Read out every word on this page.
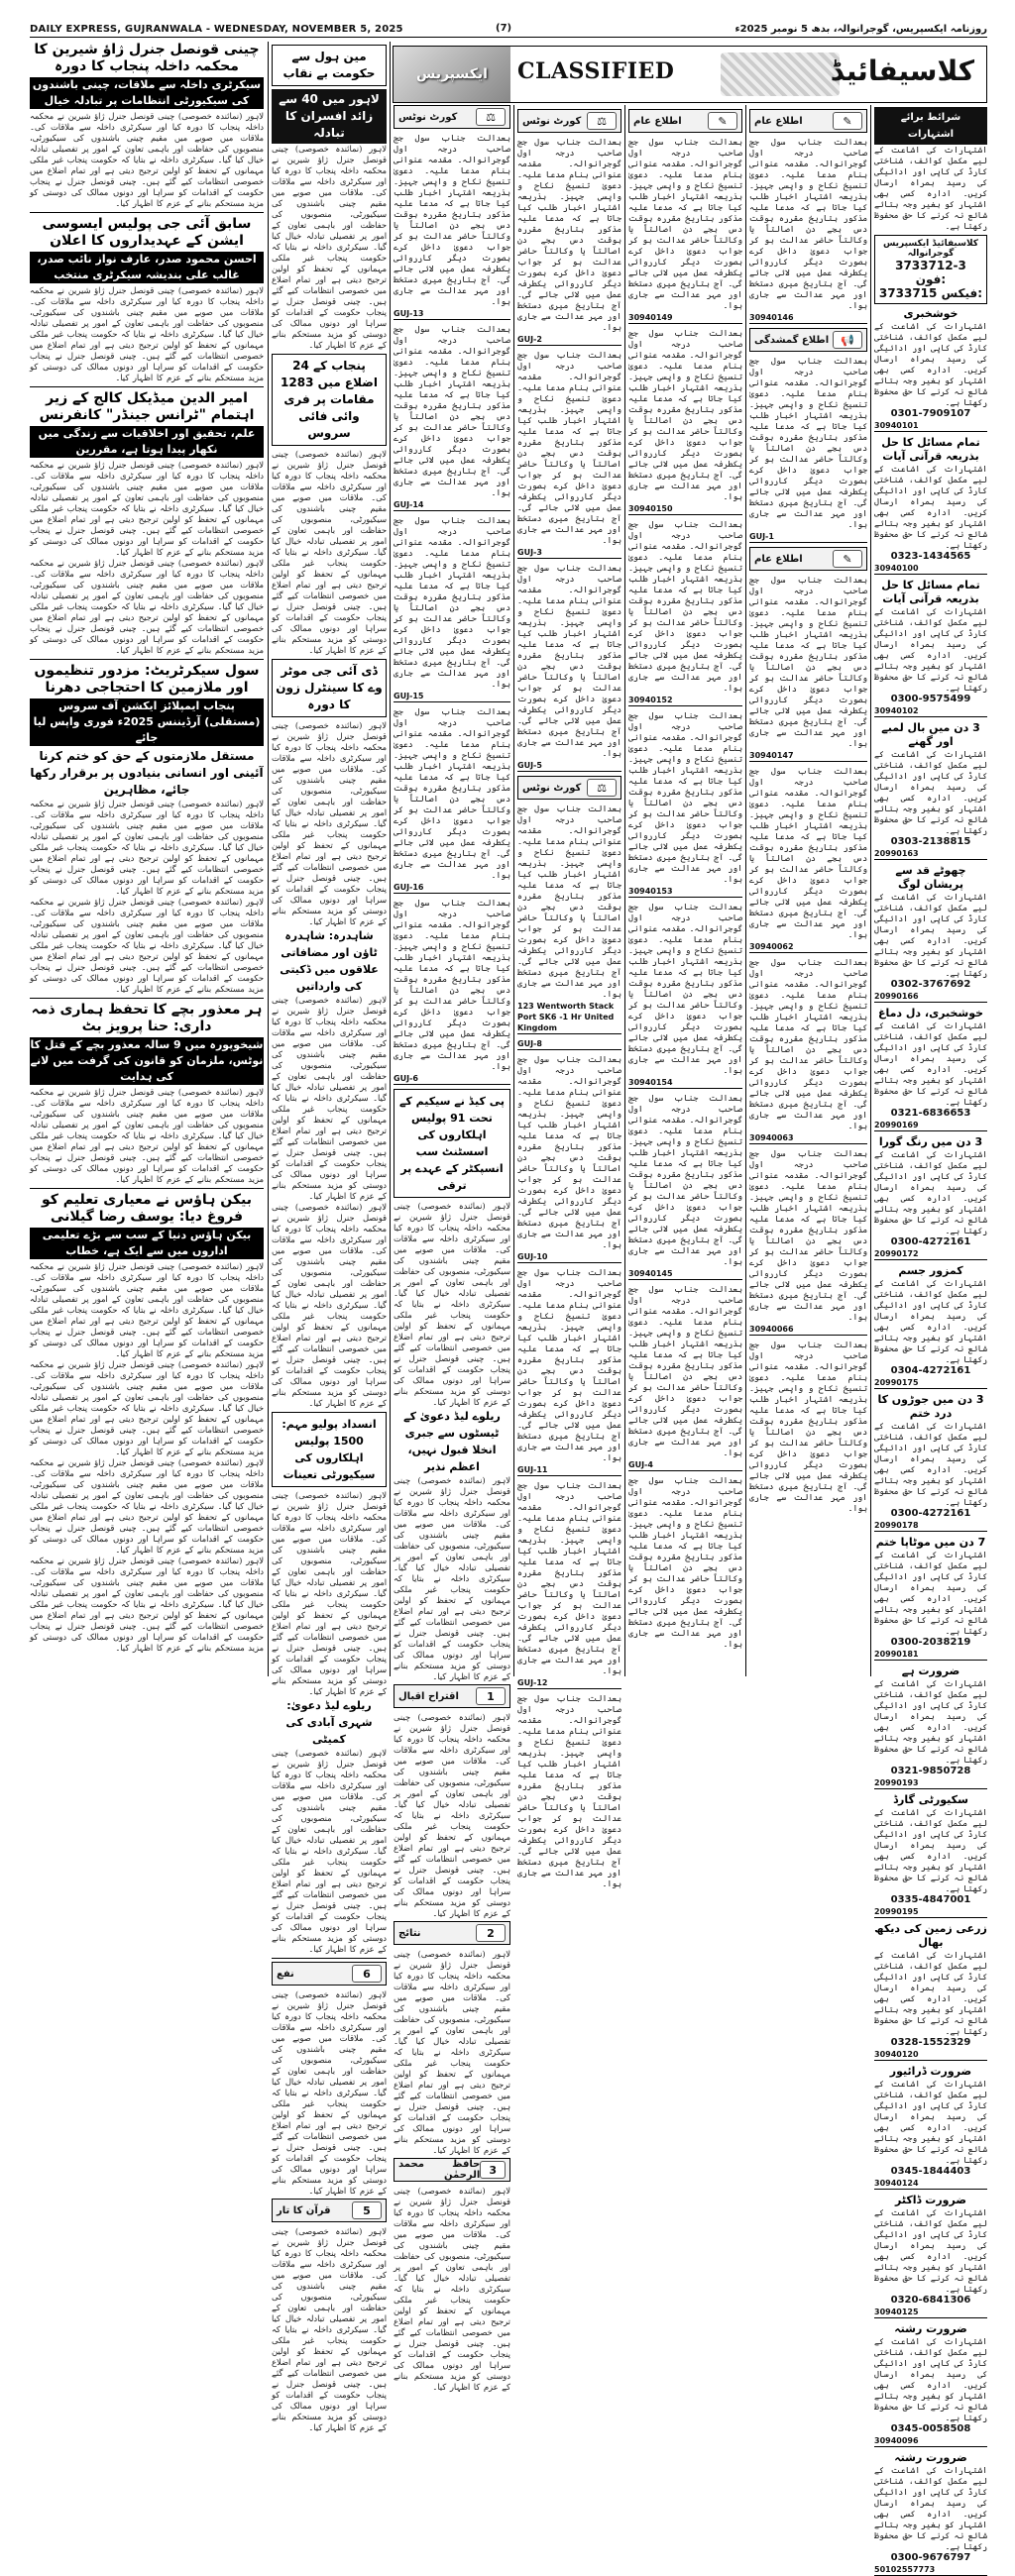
DAILY EXPRESS, GUJRANWALA - WEDNESDAY, NOVEMBER 5, 2025	(7)	روزنامہ ایکسپریس، گوجرانوالہ، بدھ 5 نومبر 2025ء
ایکسپریس	CLASSIFIED	کلاسیفائیڈ
چینی قونصل جنرل ژاؤ شیرین کا محکمہ داخلہ پنجاب کا دورہ
سیکرٹری داخلہ سے ملاقات، چینی باشندوں کی سیکیورٹی انتظامات پر تبادلہ خیال
لاہور (نمائندہ خصوصی) چینی قونصل جنرل ژاؤ شیرین نے محکمہ داخلہ پنجاب کا دورہ کیا اور سیکرٹری داخلہ سے ملاقات کی۔ ملاقات میں صوبے میں مقیم چینی باشندوں کی سیکیورٹی، منصوبوں کی حفاظت اور باہمی تعاون کے امور پر تفصیلی تبادلہ خیال کیا گیا۔ سیکرٹری داخلہ نے بتایا کہ حکومت پنجاب غیر ملکی مہمانوں کے تحفظ کو اولین ترجیح دیتی ہے اور تمام اضلاع میں خصوصی انتظامات کیے گئے ہیں۔ چینی قونصل جنرل نے پنجاب حکومت کے اقدامات کو سراہا اور دونوں ممالک کی دوستی کو مزید مستحکم بنانے کے عزم کا اظہار کیا۔
سابق آئی جی پولیس ایسوسی ایشن کے عہدیداروں کا اعلان
احسن محمود صدر، عارف نواز نائب صدر، غالب علی بندیشہ سیکرٹری منتخب
لاہور (نمائندہ خصوصی) چینی قونصل جنرل ژاؤ شیرین نے محکمہ داخلہ پنجاب کا دورہ کیا اور سیکرٹری داخلہ سے ملاقات کی۔ ملاقات میں صوبے میں مقیم چینی باشندوں کی سیکیورٹی، منصوبوں کی حفاظت اور باہمی تعاون کے امور پر تفصیلی تبادلہ خیال کیا گیا۔ سیکرٹری داخلہ نے بتایا کہ حکومت پنجاب غیر ملکی مہمانوں کے تحفظ کو اولین ترجیح دیتی ہے اور تمام اضلاع میں خصوصی انتظامات کیے گئے ہیں۔ چینی قونصل جنرل نے پنجاب حکومت کے اقدامات کو سراہا اور دونوں ممالک کی دوستی کو مزید مستحکم بنانے کے عزم کا اظہار کیا۔
امیر الدین میڈیکل کالج کے زیر اہتمام "ٹرانس جینڈر" کانفرنس
علم، تحقیق اور اخلاقیات سے زندگی میں نکھار پیدا ہوتا ہے، مقررین
لاہور (نمائندہ خصوصی) چینی قونصل جنرل ژاؤ شیرین نے محکمہ داخلہ پنجاب کا دورہ کیا اور سیکرٹری داخلہ سے ملاقات کی۔ ملاقات میں صوبے میں مقیم چینی باشندوں کی سیکیورٹی، منصوبوں کی حفاظت اور باہمی تعاون کے امور پر تفصیلی تبادلہ خیال کیا گیا۔ سیکرٹری داخلہ نے بتایا کہ حکومت پنجاب غیر ملکی مہمانوں کے تحفظ کو اولین ترجیح دیتی ہے اور تمام اضلاع میں خصوصی انتظامات کیے گئے ہیں۔ چینی قونصل جنرل نے پنجاب حکومت کے اقدامات کو سراہا اور دونوں ممالک کی دوستی کو مزید مستحکم بنانے کے عزم کا اظہار کیا۔
لاہور (نمائندہ خصوصی) چینی قونصل جنرل ژاؤ شیرین نے محکمہ داخلہ پنجاب کا دورہ کیا اور سیکرٹری داخلہ سے ملاقات کی۔ ملاقات میں صوبے میں مقیم چینی باشندوں کی سیکیورٹی، منصوبوں کی حفاظت اور باہمی تعاون کے امور پر تفصیلی تبادلہ خیال کیا گیا۔ سیکرٹری داخلہ نے بتایا کہ حکومت پنجاب غیر ملکی مہمانوں کے تحفظ کو اولین ترجیح دیتی ہے اور تمام اضلاع میں خصوصی انتظامات کیے گئے ہیں۔ چینی قونصل جنرل نے پنجاب حکومت کے اقدامات کو سراہا اور دونوں ممالک کی دوستی کو مزید مستحکم بنانے کے عزم کا اظہار کیا۔
سول سیکرٹریٹ: مزدور تنظیموں اور ملازمین کا احتجاجی دھرنا
پنجاب ایمپلائز ایکشن آف سروس (مستقلی) آرڈیننس 2025ء فوری واپس لیا جائے
مستقل ملازمتوں کے حق کو ختم کرنا آئینی اور انسانی بنیادوں پر برقرار رکھا جائے، مظاہرین
لاہور (نمائندہ خصوصی) چینی قونصل جنرل ژاؤ شیرین نے محکمہ داخلہ پنجاب کا دورہ کیا اور سیکرٹری داخلہ سے ملاقات کی۔ ملاقات میں صوبے میں مقیم چینی باشندوں کی سیکیورٹی، منصوبوں کی حفاظت اور باہمی تعاون کے امور پر تفصیلی تبادلہ خیال کیا گیا۔ سیکرٹری داخلہ نے بتایا کہ حکومت پنجاب غیر ملکی مہمانوں کے تحفظ کو اولین ترجیح دیتی ہے اور تمام اضلاع میں خصوصی انتظامات کیے گئے ہیں۔ چینی قونصل جنرل نے پنجاب حکومت کے اقدامات کو سراہا اور دونوں ممالک کی دوستی کو مزید مستحکم بنانے کے عزم کا اظہار کیا۔
لاہور (نمائندہ خصوصی) چینی قونصل جنرل ژاؤ شیرین نے محکمہ داخلہ پنجاب کا دورہ کیا اور سیکرٹری داخلہ سے ملاقات کی۔ ملاقات میں صوبے میں مقیم چینی باشندوں کی سیکیورٹی، منصوبوں کی حفاظت اور باہمی تعاون کے امور پر تفصیلی تبادلہ خیال کیا گیا۔ سیکرٹری داخلہ نے بتایا کہ حکومت پنجاب غیر ملکی مہمانوں کے تحفظ کو اولین ترجیح دیتی ہے اور تمام اضلاع میں خصوصی انتظامات کیے گئے ہیں۔ چینی قونصل جنرل نے پنجاب حکومت کے اقدامات کو سراہا اور دونوں ممالک کی دوستی کو مزید مستحکم بنانے کے عزم کا اظہار کیا۔
ہر معذور بچے کا تحفظ ہماری ذمہ داری: حنا پرویز بٹ
شیخوپورہ میں 9 سالہ معذور بچے کے قتل کا نوٹس، ملزمان کو قانون کی گرفت میں لانے کی ہدایت
لاہور (نمائندہ خصوصی) چینی قونصل جنرل ژاؤ شیرین نے محکمہ داخلہ پنجاب کا دورہ کیا اور سیکرٹری داخلہ سے ملاقات کی۔ ملاقات میں صوبے میں مقیم چینی باشندوں کی سیکیورٹی، منصوبوں کی حفاظت اور باہمی تعاون کے امور پر تفصیلی تبادلہ خیال کیا گیا۔ سیکرٹری داخلہ نے بتایا کہ حکومت پنجاب غیر ملکی مہمانوں کے تحفظ کو اولین ترجیح دیتی ہے اور تمام اضلاع میں خصوصی انتظامات کیے گئے ہیں۔ چینی قونصل جنرل نے پنجاب حکومت کے اقدامات کو سراہا اور دونوں ممالک کی دوستی کو مزید مستحکم بنانے کے عزم کا اظہار کیا۔
بیکن ہاؤس نے معیاری تعلیم کو فروغ دیا: یوسف رضا گیلانی
بیکن ہاؤس دنیا کے سب سے بڑے تعلیمی اداروں میں سے ایک ہے، خطاب
لاہور (نمائندہ خصوصی) چینی قونصل جنرل ژاؤ شیرین نے محکمہ داخلہ پنجاب کا دورہ کیا اور سیکرٹری داخلہ سے ملاقات کی۔ ملاقات میں صوبے میں مقیم چینی باشندوں کی سیکیورٹی، منصوبوں کی حفاظت اور باہمی تعاون کے امور پر تفصیلی تبادلہ خیال کیا گیا۔ سیکرٹری داخلہ نے بتایا کہ حکومت پنجاب غیر ملکی مہمانوں کے تحفظ کو اولین ترجیح دیتی ہے اور تمام اضلاع میں خصوصی انتظامات کیے گئے ہیں۔ چینی قونصل جنرل نے پنجاب حکومت کے اقدامات کو سراہا اور دونوں ممالک کی دوستی کو مزید مستحکم بنانے کے عزم کا اظہار کیا۔
لاہور (نمائندہ خصوصی) چینی قونصل جنرل ژاؤ شیرین نے محکمہ داخلہ پنجاب کا دورہ کیا اور سیکرٹری داخلہ سے ملاقات کی۔ ملاقات میں صوبے میں مقیم چینی باشندوں کی سیکیورٹی، منصوبوں کی حفاظت اور باہمی تعاون کے امور پر تفصیلی تبادلہ خیال کیا گیا۔ سیکرٹری داخلہ نے بتایا کہ حکومت پنجاب غیر ملکی مہمانوں کے تحفظ کو اولین ترجیح دیتی ہے اور تمام اضلاع میں خصوصی انتظامات کیے گئے ہیں۔ چینی قونصل جنرل نے پنجاب حکومت کے اقدامات کو سراہا اور دونوں ممالک کی دوستی کو مزید مستحکم بنانے کے عزم کا اظہار کیا۔
لاہور (نمائندہ خصوصی) چینی قونصل جنرل ژاؤ شیرین نے محکمہ داخلہ پنجاب کا دورہ کیا اور سیکرٹری داخلہ سے ملاقات کی۔ ملاقات میں صوبے میں مقیم چینی باشندوں کی سیکیورٹی، منصوبوں کی حفاظت اور باہمی تعاون کے امور پر تفصیلی تبادلہ خیال کیا گیا۔ سیکرٹری داخلہ نے بتایا کہ حکومت پنجاب غیر ملکی مہمانوں کے تحفظ کو اولین ترجیح دیتی ہے اور تمام اضلاع میں خصوصی انتظامات کیے گئے ہیں۔ چینی قونصل جنرل نے پنجاب حکومت کے اقدامات کو سراہا اور دونوں ممالک کی دوستی کو مزید مستحکم بنانے کے عزم کا اظہار کیا۔
لاہور (نمائندہ خصوصی) چینی قونصل جنرل ژاؤ شیرین نے محکمہ داخلہ پنجاب کا دورہ کیا اور سیکرٹری داخلہ سے ملاقات کی۔ ملاقات میں صوبے میں مقیم چینی باشندوں کی سیکیورٹی، منصوبوں کی حفاظت اور باہمی تعاون کے امور پر تفصیلی تبادلہ خیال کیا گیا۔ سیکرٹری داخلہ نے بتایا کہ حکومت پنجاب غیر ملکی مہمانوں کے تحفظ کو اولین ترجیح دیتی ہے اور تمام اضلاع میں خصوصی انتظامات کیے گئے ہیں۔ چینی قونصل جنرل نے پنجاب حکومت کے اقدامات کو سراہا اور دونوں ممالک کی دوستی کو مزید مستحکم بنانے کے عزم کا اظہار کیا۔
مین ہول سے حکومت بے نقاب
لاہور میں 40 سے زائد افسران کا تبادلہ
لاہور (نمائندہ خصوصی) چینی قونصل جنرل ژاؤ شیرین نے محکمہ داخلہ پنجاب کا دورہ کیا اور سیکرٹری داخلہ سے ملاقات کی۔ ملاقات میں صوبے میں مقیم چینی باشندوں کی سیکیورٹی، منصوبوں کی حفاظت اور باہمی تعاون کے امور پر تفصیلی تبادلہ خیال کیا گیا۔ سیکرٹری داخلہ نے بتایا کہ حکومت پنجاب غیر ملکی مہمانوں کے تحفظ کو اولین ترجیح دیتی ہے اور تمام اضلاع میں خصوصی انتظامات کیے گئے ہیں۔ چینی قونصل جنرل نے پنجاب حکومت کے اقدامات کو سراہا اور دونوں ممالک کی دوستی کو مزید مستحکم بنانے کے عزم کا اظہار کیا۔
پنجاب کے 24 اضلاع میں 1283 مقامات پر فری وائی فائی سروس
لاہور (نمائندہ خصوصی) چینی قونصل جنرل ژاؤ شیرین نے محکمہ داخلہ پنجاب کا دورہ کیا اور سیکرٹری داخلہ سے ملاقات کی۔ ملاقات میں صوبے میں مقیم چینی باشندوں کی سیکیورٹی، منصوبوں کی حفاظت اور باہمی تعاون کے امور پر تفصیلی تبادلہ خیال کیا گیا۔ سیکرٹری داخلہ نے بتایا کہ حکومت پنجاب غیر ملکی مہمانوں کے تحفظ کو اولین ترجیح دیتی ہے اور تمام اضلاع میں خصوصی انتظامات کیے گئے ہیں۔ چینی قونصل جنرل نے پنجاب حکومت کے اقدامات کو سراہا اور دونوں ممالک کی دوستی کو مزید مستحکم بنانے کے عزم کا اظہار کیا۔
ڈی آئی جی موٹر وے کا سینٹرل زون کا دورہ
لاہور (نمائندہ خصوصی) چینی قونصل جنرل ژاؤ شیرین نے محکمہ داخلہ پنجاب کا دورہ کیا اور سیکرٹری داخلہ سے ملاقات کی۔ ملاقات میں صوبے میں مقیم چینی باشندوں کی سیکیورٹی، منصوبوں کی حفاظت اور باہمی تعاون کے امور پر تفصیلی تبادلہ خیال کیا گیا۔ سیکرٹری داخلہ نے بتایا کہ حکومت پنجاب غیر ملکی مہمانوں کے تحفظ کو اولین ترجیح دیتی ہے اور تمام اضلاع میں خصوصی انتظامات کیے گئے ہیں۔ چینی قونصل جنرل نے پنجاب حکومت کے اقدامات کو سراہا اور دونوں ممالک کی دوستی کو مزید مستحکم بنانے کے عزم کا اظہار کیا۔
شاہدرہ: شاہدرہ ٹاؤن اور مضافاتی علاقوں میں ڈکیتی کی وارداتیں
لاہور (نمائندہ خصوصی) چینی قونصل جنرل ژاؤ شیرین نے محکمہ داخلہ پنجاب کا دورہ کیا اور سیکرٹری داخلہ سے ملاقات کی۔ ملاقات میں صوبے میں مقیم چینی باشندوں کی سیکیورٹی، منصوبوں کی حفاظت اور باہمی تعاون کے امور پر تفصیلی تبادلہ خیال کیا گیا۔ سیکرٹری داخلہ نے بتایا کہ حکومت پنجاب غیر ملکی مہمانوں کے تحفظ کو اولین ترجیح دیتی ہے اور تمام اضلاع میں خصوصی انتظامات کیے گئے ہیں۔ چینی قونصل جنرل نے پنجاب حکومت کے اقدامات کو سراہا اور دونوں ممالک کی دوستی کو مزید مستحکم بنانے کے عزم کا اظہار کیا۔
لاہور (نمائندہ خصوصی) چینی قونصل جنرل ژاؤ شیرین نے محکمہ داخلہ پنجاب کا دورہ کیا اور سیکرٹری داخلہ سے ملاقات کی۔ ملاقات میں صوبے میں مقیم چینی باشندوں کی سیکیورٹی، منصوبوں کی حفاظت اور باہمی تعاون کے امور پر تفصیلی تبادلہ خیال کیا گیا۔ سیکرٹری داخلہ نے بتایا کہ حکومت پنجاب غیر ملکی مہمانوں کے تحفظ کو اولین ترجیح دیتی ہے اور تمام اضلاع میں خصوصی انتظامات کیے گئے ہیں۔ چینی قونصل جنرل نے پنجاب حکومت کے اقدامات کو سراہا اور دونوں ممالک کی دوستی کو مزید مستحکم بنانے کے عزم کا اظہار کیا۔
انسداد پولیو مہم: 1500 پولیس اہلکاروں کی سیکیورٹی تعینات
لاہور (نمائندہ خصوصی) چینی قونصل جنرل ژاؤ شیرین نے محکمہ داخلہ پنجاب کا دورہ کیا اور سیکرٹری داخلہ سے ملاقات کی۔ ملاقات میں صوبے میں مقیم چینی باشندوں کی سیکیورٹی، منصوبوں کی حفاظت اور باہمی تعاون کے امور پر تفصیلی تبادلہ خیال کیا گیا۔ سیکرٹری داخلہ نے بتایا کہ حکومت پنجاب غیر ملکی مہمانوں کے تحفظ کو اولین ترجیح دیتی ہے اور تمام اضلاع میں خصوصی انتظامات کیے گئے ہیں۔ چینی قونصل جنرل نے پنجاب حکومت کے اقدامات کو سراہا اور دونوں ممالک کی دوستی کو مزید مستحکم بنانے کے عزم کا اظہار کیا۔
ریلوے لیڈ دعویٰ: شہری آبادی کی کمیٹی
لاہور (نمائندہ خصوصی) چینی قونصل جنرل ژاؤ شیرین نے محکمہ داخلہ پنجاب کا دورہ کیا اور سیکرٹری داخلہ سے ملاقات کی۔ ملاقات میں صوبے میں مقیم چینی باشندوں کی سیکیورٹی، منصوبوں کی حفاظت اور باہمی تعاون کے امور پر تفصیلی تبادلہ خیال کیا گیا۔ سیکرٹری داخلہ نے بتایا کہ حکومت پنجاب غیر ملکی مہمانوں کے تحفظ کو اولین ترجیح دیتی ہے اور تمام اضلاع میں خصوصی انتظامات کیے گئے ہیں۔ چینی قونصل جنرل نے پنجاب حکومت کے اقدامات کو سراہا اور دونوں ممالک کی دوستی کو مزید مستحکم بنانے کے عزم کا اظہار کیا۔
6
نفع
لاہور (نمائندہ خصوصی) چینی قونصل جنرل ژاؤ شیرین نے محکمہ داخلہ پنجاب کا دورہ کیا اور سیکرٹری داخلہ سے ملاقات کی۔ ملاقات میں صوبے میں مقیم چینی باشندوں کی سیکیورٹی، منصوبوں کی حفاظت اور باہمی تعاون کے امور پر تفصیلی تبادلہ خیال کیا گیا۔ سیکرٹری داخلہ نے بتایا کہ حکومت پنجاب غیر ملکی مہمانوں کے تحفظ کو اولین ترجیح دیتی ہے اور تمام اضلاع میں خصوصی انتظامات کیے گئے ہیں۔ چینی قونصل جنرل نے پنجاب حکومت کے اقدامات کو سراہا اور دونوں ممالک کی دوستی کو مزید مستحکم بنانے کے عزم کا اظہار کیا۔
5
قرآن کا تار
لاہور (نمائندہ خصوصی) چینی قونصل جنرل ژاؤ شیرین نے محکمہ داخلہ پنجاب کا دورہ کیا اور سیکرٹری داخلہ سے ملاقات کی۔ ملاقات میں صوبے میں مقیم چینی باشندوں کی سیکیورٹی، منصوبوں کی حفاظت اور باہمی تعاون کے امور پر تفصیلی تبادلہ خیال کیا گیا۔ سیکرٹری داخلہ نے بتایا کہ حکومت پنجاب غیر ملکی مہمانوں کے تحفظ کو اولین ترجیح دیتی ہے اور تمام اضلاع میں خصوصی انتظامات کیے گئے ہیں۔ چینی قونصل جنرل نے پنجاب حکومت کے اقدامات کو سراہا اور دونوں ممالک کی دوستی کو مزید مستحکم بنانے کے عزم کا اظہار کیا۔
⚖
کورٹ نوٹس
بعدالت جناب سول جج صاحب درجہ اول گوجرانوالہ۔ مقدمہ عنوانی بنام مدعا علیہ۔ دعویٰ تنسیخ نکاح و واپسی جہیز۔ بذریعہ اشتہار اخبار طلب کیا جاتا ہے کہ مدعا علیہ مذکور بتاریخ مقررہ بوقت دس بجے دن اصالتاً یا وکالتاً حاضر عدالت ہو کر جواب دعویٰ داخل کرے بصورت دیگر کارروائی یکطرفہ عمل میں لائی جائے گی۔ آج بتاریخ میری دستخط اور مہر عدالت سے جاری ہوا۔
GUJ-13
بعدالت جناب سول جج صاحب درجہ اول گوجرانوالہ۔ مقدمہ عنوانی بنام مدعا علیہ۔ دعویٰ تنسیخ نکاح و واپسی جہیز۔ بذریعہ اشتہار اخبار طلب کیا جاتا ہے کہ مدعا علیہ مذکور بتاریخ مقررہ بوقت دس بجے دن اصالتاً یا وکالتاً حاضر عدالت ہو کر جواب دعویٰ داخل کرے بصورت دیگر کارروائی یکطرفہ عمل میں لائی جائے گی۔ آج بتاریخ میری دستخط اور مہر عدالت سے جاری ہوا۔
GUJ-14
بعدالت جناب سول جج صاحب درجہ اول گوجرانوالہ۔ مقدمہ عنوانی بنام مدعا علیہ۔ دعویٰ تنسیخ نکاح و واپسی جہیز۔ بذریعہ اشتہار اخبار طلب کیا جاتا ہے کہ مدعا علیہ مذکور بتاریخ مقررہ بوقت دس بجے دن اصالتاً یا وکالتاً حاضر عدالت ہو کر جواب دعویٰ داخل کرے بصورت دیگر کارروائی یکطرفہ عمل میں لائی جائے گی۔ آج بتاریخ میری دستخط اور مہر عدالت سے جاری ہوا۔
GUJ-15
بعدالت جناب سول جج صاحب درجہ اول گوجرانوالہ۔ مقدمہ عنوانی بنام مدعا علیہ۔ دعویٰ تنسیخ نکاح و واپسی جہیز۔ بذریعہ اشتہار اخبار طلب کیا جاتا ہے کہ مدعا علیہ مذکور بتاریخ مقررہ بوقت دس بجے دن اصالتاً یا وکالتاً حاضر عدالت ہو کر جواب دعویٰ داخل کرے بصورت دیگر کارروائی یکطرفہ عمل میں لائی جائے گی۔ آج بتاریخ میری دستخط اور مہر عدالت سے جاری ہوا۔
GUJ-16
بعدالت جناب سول جج صاحب درجہ اول گوجرانوالہ۔ مقدمہ عنوانی بنام مدعا علیہ۔ دعویٰ تنسیخ نکاح و واپسی جہیز۔ بذریعہ اشتہار اخبار طلب کیا جاتا ہے کہ مدعا علیہ مذکور بتاریخ مقررہ بوقت دس بجے دن اصالتاً یا وکالتاً حاضر عدالت ہو کر جواب دعویٰ داخل کرے بصورت دیگر کارروائی یکطرفہ عمل میں لائی جائے گی۔ آج بتاریخ میری دستخط اور مہر عدالت سے جاری ہوا۔
GUJ-6
پی کیڈ نے سیکیم کے تحت 91 پولیس اہلکاروں کی اسسٹنٹ سب انسپکٹر کے عہدے پر ترقی
لاہور (نمائندہ خصوصی) چینی قونصل جنرل ژاؤ شیرین نے محکمہ داخلہ پنجاب کا دورہ کیا اور سیکرٹری داخلہ سے ملاقات کی۔ ملاقات میں صوبے میں مقیم چینی باشندوں کی سیکیورٹی، منصوبوں کی حفاظت اور باہمی تعاون کے امور پر تفصیلی تبادلہ خیال کیا گیا۔ سیکرٹری داخلہ نے بتایا کہ حکومت پنجاب غیر ملکی مہمانوں کے تحفظ کو اولین ترجیح دیتی ہے اور تمام اضلاع میں خصوصی انتظامات کیے گئے ہیں۔ چینی قونصل جنرل نے پنجاب حکومت کے اقدامات کو سراہا اور دونوں ممالک کی دوستی کو مزید مستحکم بنانے کے عزم کا اظہار کیا۔
ریلوے لیڈ دعویٰ کے ٹیسٹوں سے جبری انخلا قبول نہیں، اعظم نذیر
لاہور (نمائندہ خصوصی) چینی قونصل جنرل ژاؤ شیرین نے محکمہ داخلہ پنجاب کا دورہ کیا اور سیکرٹری داخلہ سے ملاقات کی۔ ملاقات میں صوبے میں مقیم چینی باشندوں کی سیکیورٹی، منصوبوں کی حفاظت اور باہمی تعاون کے امور پر تفصیلی تبادلہ خیال کیا گیا۔ سیکرٹری داخلہ نے بتایا کہ حکومت پنجاب غیر ملکی مہمانوں کے تحفظ کو اولین ترجیح دیتی ہے اور تمام اضلاع میں خصوصی انتظامات کیے گئے ہیں۔ چینی قونصل جنرل نے پنجاب حکومت کے اقدامات کو سراہا اور دونوں ممالک کی دوستی کو مزید مستحکم بنانے کے عزم کا اظہار کیا۔
1
اقتراح اقبال
لاہور (نمائندہ خصوصی) چینی قونصل جنرل ژاؤ شیرین نے محکمہ داخلہ پنجاب کا دورہ کیا اور سیکرٹری داخلہ سے ملاقات کی۔ ملاقات میں صوبے میں مقیم چینی باشندوں کی سیکیورٹی، منصوبوں کی حفاظت اور باہمی تعاون کے امور پر تفصیلی تبادلہ خیال کیا گیا۔ سیکرٹری داخلہ نے بتایا کہ حکومت پنجاب غیر ملکی مہمانوں کے تحفظ کو اولین ترجیح دیتی ہے اور تمام اضلاع میں خصوصی انتظامات کیے گئے ہیں۔ چینی قونصل جنرل نے پنجاب حکومت کے اقدامات کو سراہا اور دونوں ممالک کی دوستی کو مزید مستحکم بنانے کے عزم کا اظہار کیا۔
2
نتائج
لاہور (نمائندہ خصوصی) چینی قونصل جنرل ژاؤ شیرین نے محکمہ داخلہ پنجاب کا دورہ کیا اور سیکرٹری داخلہ سے ملاقات کی۔ ملاقات میں صوبے میں مقیم چینی باشندوں کی سیکیورٹی، منصوبوں کی حفاظت اور باہمی تعاون کے امور پر تفصیلی تبادلہ خیال کیا گیا۔ سیکرٹری داخلہ نے بتایا کہ حکومت پنجاب غیر ملکی مہمانوں کے تحفظ کو اولین ترجیح دیتی ہے اور تمام اضلاع میں خصوصی انتظامات کیے گئے ہیں۔ چینی قونصل جنرل نے پنجاب حکومت کے اقدامات کو سراہا اور دونوں ممالک کی دوستی کو مزید مستحکم بنانے کے عزم کا اظہار کیا۔
3
حافظ محمد الرحمٰن
لاہور (نمائندہ خصوصی) چینی قونصل جنرل ژاؤ شیرین نے محکمہ داخلہ پنجاب کا دورہ کیا اور سیکرٹری داخلہ سے ملاقات کی۔ ملاقات میں صوبے میں مقیم چینی باشندوں کی سیکیورٹی، منصوبوں کی حفاظت اور باہمی تعاون کے امور پر تفصیلی تبادلہ خیال کیا گیا۔ سیکرٹری داخلہ نے بتایا کہ حکومت پنجاب غیر ملکی مہمانوں کے تحفظ کو اولین ترجیح دیتی ہے اور تمام اضلاع میں خصوصی انتظامات کیے گئے ہیں۔ چینی قونصل جنرل نے پنجاب حکومت کے اقدامات کو سراہا اور دونوں ممالک کی دوستی کو مزید مستحکم بنانے کے عزم کا اظہار کیا۔
⚖
کورٹ نوٹس
بعدالت جناب سول جج صاحب درجہ اول گوجرانوالہ۔ مقدمہ عنوانی بنام مدعا علیہ۔ دعویٰ تنسیخ نکاح و واپسی جہیز۔ بذریعہ اشتہار اخبار طلب کیا جاتا ہے کہ مدعا علیہ مذکور بتاریخ مقررہ بوقت دس بجے دن اصالتاً یا وکالتاً حاضر عدالت ہو کر جواب دعویٰ داخل کرے بصورت دیگر کارروائی یکطرفہ عمل میں لائی جائے گی۔ آج بتاریخ میری دستخط اور مہر عدالت سے جاری ہوا۔
GUJ-2
بعدالت جناب سول جج صاحب درجہ اول گوجرانوالہ۔ مقدمہ عنوانی بنام مدعا علیہ۔ دعویٰ تنسیخ نکاح و واپسی جہیز۔ بذریعہ اشتہار اخبار طلب کیا جاتا ہے کہ مدعا علیہ مذکور بتاریخ مقررہ بوقت دس بجے دن اصالتاً یا وکالتاً حاضر عدالت ہو کر جواب دعویٰ داخل کرے بصورت دیگر کارروائی یکطرفہ عمل میں لائی جائے گی۔ آج بتاریخ میری دستخط اور مہر عدالت سے جاری ہوا۔
GUJ-3
بعدالت جناب سول جج صاحب درجہ اول گوجرانوالہ۔ مقدمہ عنوانی بنام مدعا علیہ۔ دعویٰ تنسیخ نکاح و واپسی جہیز۔ بذریعہ اشتہار اخبار طلب کیا جاتا ہے کہ مدعا علیہ مذکور بتاریخ مقررہ بوقت دس بجے دن اصالتاً یا وکالتاً حاضر عدالت ہو کر جواب دعویٰ داخل کرے بصورت دیگر کارروائی یکطرفہ عمل میں لائی جائے گی۔ آج بتاریخ میری دستخط اور مہر عدالت سے جاری ہوا۔
GUJ-5
⚖
کورٹ نوٹس
بعدالت جناب سول جج صاحب درجہ اول گوجرانوالہ۔ مقدمہ عنوانی بنام مدعا علیہ۔ دعویٰ تنسیخ نکاح و واپسی جہیز۔ بذریعہ اشتہار اخبار طلب کیا جاتا ہے کہ مدعا علیہ مذکور بتاریخ مقررہ بوقت دس بجے دن اصالتاً یا وکالتاً حاضر عدالت ہو کر جواب دعویٰ داخل کرے بصورت دیگر کارروائی یکطرفہ عمل میں لائی جائے گی۔ آج بتاریخ میری دستخط اور مہر عدالت سے جاری ہوا۔
123 Wentworth Stack Port SK6 -1 Hr United Kingdom
GUJ-8
بعدالت جناب سول جج صاحب درجہ اول گوجرانوالہ۔ مقدمہ عنوانی بنام مدعا علیہ۔ دعویٰ تنسیخ نکاح و واپسی جہیز۔ بذریعہ اشتہار اخبار طلب کیا جاتا ہے کہ مدعا علیہ مذکور بتاریخ مقررہ بوقت دس بجے دن اصالتاً یا وکالتاً حاضر عدالت ہو کر جواب دعویٰ داخل کرے بصورت دیگر کارروائی یکطرفہ عمل میں لائی جائے گی۔ آج بتاریخ میری دستخط اور مہر عدالت سے جاری ہوا۔
GUJ-10
بعدالت جناب سول جج صاحب درجہ اول گوجرانوالہ۔ مقدمہ عنوانی بنام مدعا علیہ۔ دعویٰ تنسیخ نکاح و واپسی جہیز۔ بذریعہ اشتہار اخبار طلب کیا جاتا ہے کہ مدعا علیہ مذکور بتاریخ مقررہ بوقت دس بجے دن اصالتاً یا وکالتاً حاضر عدالت ہو کر جواب دعویٰ داخل کرے بصورت دیگر کارروائی یکطرفہ عمل میں لائی جائے گی۔ آج بتاریخ میری دستخط اور مہر عدالت سے جاری ہوا۔
GUJ-11
بعدالت جناب سول جج صاحب درجہ اول گوجرانوالہ۔ مقدمہ عنوانی بنام مدعا علیہ۔ دعویٰ تنسیخ نکاح و واپسی جہیز۔ بذریعہ اشتہار اخبار طلب کیا جاتا ہے کہ مدعا علیہ مذکور بتاریخ مقررہ بوقت دس بجے دن اصالتاً یا وکالتاً حاضر عدالت ہو کر جواب دعویٰ داخل کرے بصورت دیگر کارروائی یکطرفہ عمل میں لائی جائے گی۔ آج بتاریخ میری دستخط اور مہر عدالت سے جاری ہوا۔
GUJ-12
بعدالت جناب سول جج صاحب درجہ اول گوجرانوالہ۔ مقدمہ عنوانی بنام مدعا علیہ۔ دعویٰ تنسیخ نکاح و واپسی جہیز۔ بذریعہ اشتہار اخبار طلب کیا جاتا ہے کہ مدعا علیہ مذکور بتاریخ مقررہ بوقت دس بجے دن اصالتاً یا وکالتاً حاضر عدالت ہو کر جواب دعویٰ داخل کرے بصورت دیگر کارروائی یکطرفہ عمل میں لائی جائے گی۔ آج بتاریخ میری دستخط اور مہر عدالت سے جاری ہوا۔
✎
اطلاع عام
بعدالت جناب سول جج صاحب درجہ اول گوجرانوالہ۔ مقدمہ عنوانی بنام مدعا علیہ۔ دعویٰ تنسیخ نکاح و واپسی جہیز۔ بذریعہ اشتہار اخبار طلب کیا جاتا ہے کہ مدعا علیہ مذکور بتاریخ مقررہ بوقت دس بجے دن اصالتاً یا وکالتاً حاضر عدالت ہو کر جواب دعویٰ داخل کرے بصورت دیگر کارروائی یکطرفہ عمل میں لائی جائے گی۔ آج بتاریخ میری دستخط اور مہر عدالت سے جاری ہوا۔
30940149
بعدالت جناب سول جج صاحب درجہ اول گوجرانوالہ۔ مقدمہ عنوانی بنام مدعا علیہ۔ دعویٰ تنسیخ نکاح و واپسی جہیز۔ بذریعہ اشتہار اخبار طلب کیا جاتا ہے کہ مدعا علیہ مذکور بتاریخ مقررہ بوقت دس بجے دن اصالتاً یا وکالتاً حاضر عدالت ہو کر جواب دعویٰ داخل کرے بصورت دیگر کارروائی یکطرفہ عمل میں لائی جائے گی۔ آج بتاریخ میری دستخط اور مہر عدالت سے جاری ہوا۔
30940150
بعدالت جناب سول جج صاحب درجہ اول گوجرانوالہ۔ مقدمہ عنوانی بنام مدعا علیہ۔ دعویٰ تنسیخ نکاح و واپسی جہیز۔ بذریعہ اشتہار اخبار طلب کیا جاتا ہے کہ مدعا علیہ مذکور بتاریخ مقررہ بوقت دس بجے دن اصالتاً یا وکالتاً حاضر عدالت ہو کر جواب دعویٰ داخل کرے بصورت دیگر کارروائی یکطرفہ عمل میں لائی جائے گی۔ آج بتاریخ میری دستخط اور مہر عدالت سے جاری ہوا۔
30940152
بعدالت جناب سول جج صاحب درجہ اول گوجرانوالہ۔ مقدمہ عنوانی بنام مدعا علیہ۔ دعویٰ تنسیخ نکاح و واپسی جہیز۔ بذریعہ اشتہار اخبار طلب کیا جاتا ہے کہ مدعا علیہ مذکور بتاریخ مقررہ بوقت دس بجے دن اصالتاً یا وکالتاً حاضر عدالت ہو کر جواب دعویٰ داخل کرے بصورت دیگر کارروائی یکطرفہ عمل میں لائی جائے گی۔ آج بتاریخ میری دستخط اور مہر عدالت سے جاری ہوا۔
30940153
بعدالت جناب سول جج صاحب درجہ اول گوجرانوالہ۔ مقدمہ عنوانی بنام مدعا علیہ۔ دعویٰ تنسیخ نکاح و واپسی جہیز۔ بذریعہ اشتہار اخبار طلب کیا جاتا ہے کہ مدعا علیہ مذکور بتاریخ مقررہ بوقت دس بجے دن اصالتاً یا وکالتاً حاضر عدالت ہو کر جواب دعویٰ داخل کرے بصورت دیگر کارروائی یکطرفہ عمل میں لائی جائے گی۔ آج بتاریخ میری دستخط اور مہر عدالت سے جاری ہوا۔
30940154
بعدالت جناب سول جج صاحب درجہ اول گوجرانوالہ۔ مقدمہ عنوانی بنام مدعا علیہ۔ دعویٰ تنسیخ نکاح و واپسی جہیز۔ بذریعہ اشتہار اخبار طلب کیا جاتا ہے کہ مدعا علیہ مذکور بتاریخ مقررہ بوقت دس بجے دن اصالتاً یا وکالتاً حاضر عدالت ہو کر جواب دعویٰ داخل کرے بصورت دیگر کارروائی یکطرفہ عمل میں لائی جائے گی۔ آج بتاریخ میری دستخط اور مہر عدالت سے جاری ہوا۔
30940145
بعدالت جناب سول جج صاحب درجہ اول گوجرانوالہ۔ مقدمہ عنوانی بنام مدعا علیہ۔ دعویٰ تنسیخ نکاح و واپسی جہیز۔ بذریعہ اشتہار اخبار طلب کیا جاتا ہے کہ مدعا علیہ مذکور بتاریخ مقررہ بوقت دس بجے دن اصالتاً یا وکالتاً حاضر عدالت ہو کر جواب دعویٰ داخل کرے بصورت دیگر کارروائی یکطرفہ عمل میں لائی جائے گی۔ آج بتاریخ میری دستخط اور مہر عدالت سے جاری ہوا۔
GUJ-4
بعدالت جناب سول جج صاحب درجہ اول گوجرانوالہ۔ مقدمہ عنوانی بنام مدعا علیہ۔ دعویٰ تنسیخ نکاح و واپسی جہیز۔ بذریعہ اشتہار اخبار طلب کیا جاتا ہے کہ مدعا علیہ مذکور بتاریخ مقررہ بوقت دس بجے دن اصالتاً یا وکالتاً حاضر عدالت ہو کر جواب دعویٰ داخل کرے بصورت دیگر کارروائی یکطرفہ عمل میں لائی جائے گی۔ آج بتاریخ میری دستخط اور مہر عدالت سے جاری ہوا۔
✎
اطلاع عام
بعدالت جناب سول جج صاحب درجہ اول گوجرانوالہ۔ مقدمہ عنوانی بنام مدعا علیہ۔ دعویٰ تنسیخ نکاح و واپسی جہیز۔ بذریعہ اشتہار اخبار طلب کیا جاتا ہے کہ مدعا علیہ مذکور بتاریخ مقررہ بوقت دس بجے دن اصالتاً یا وکالتاً حاضر عدالت ہو کر جواب دعویٰ داخل کرے بصورت دیگر کارروائی یکطرفہ عمل میں لائی جائے گی۔ آج بتاریخ میری دستخط اور مہر عدالت سے جاری ہوا۔
30940146
📢
اطلاع گمشدگی
بعدالت جناب سول جج صاحب درجہ اول گوجرانوالہ۔ مقدمہ عنوانی بنام مدعا علیہ۔ دعویٰ تنسیخ نکاح و واپسی جہیز۔ بذریعہ اشتہار اخبار طلب کیا جاتا ہے کہ مدعا علیہ مذکور بتاریخ مقررہ بوقت دس بجے دن اصالتاً یا وکالتاً حاضر عدالت ہو کر جواب دعویٰ داخل کرے بصورت دیگر کارروائی یکطرفہ عمل میں لائی جائے گی۔ آج بتاریخ میری دستخط اور مہر عدالت سے جاری ہوا۔
GUJ-1
✎
اطلاع عام
بعدالت جناب سول جج صاحب درجہ اول گوجرانوالہ۔ مقدمہ عنوانی بنام مدعا علیہ۔ دعویٰ تنسیخ نکاح و واپسی جہیز۔ بذریعہ اشتہار اخبار طلب کیا جاتا ہے کہ مدعا علیہ مذکور بتاریخ مقررہ بوقت دس بجے دن اصالتاً یا وکالتاً حاضر عدالت ہو کر جواب دعویٰ داخل کرے بصورت دیگر کارروائی یکطرفہ عمل میں لائی جائے گی۔ آج بتاریخ میری دستخط اور مہر عدالت سے جاری ہوا۔
30940147
بعدالت جناب سول جج صاحب درجہ اول گوجرانوالہ۔ مقدمہ عنوانی بنام مدعا علیہ۔ دعویٰ تنسیخ نکاح و واپسی جہیز۔ بذریعہ اشتہار اخبار طلب کیا جاتا ہے کہ مدعا علیہ مذکور بتاریخ مقررہ بوقت دس بجے دن اصالتاً یا وکالتاً حاضر عدالت ہو کر جواب دعویٰ داخل کرے بصورت دیگر کارروائی یکطرفہ عمل میں لائی جائے گی۔ آج بتاریخ میری دستخط اور مہر عدالت سے جاری ہوا۔
30940062
بعدالت جناب سول جج صاحب درجہ اول گوجرانوالہ۔ مقدمہ عنوانی بنام مدعا علیہ۔ دعویٰ تنسیخ نکاح و واپسی جہیز۔ بذریعہ اشتہار اخبار طلب کیا جاتا ہے کہ مدعا علیہ مذکور بتاریخ مقررہ بوقت دس بجے دن اصالتاً یا وکالتاً حاضر عدالت ہو کر جواب دعویٰ داخل کرے بصورت دیگر کارروائی یکطرفہ عمل میں لائی جائے گی۔ آج بتاریخ میری دستخط اور مہر عدالت سے جاری ہوا۔
30940063
بعدالت جناب سول جج صاحب درجہ اول گوجرانوالہ۔ مقدمہ عنوانی بنام مدعا علیہ۔ دعویٰ تنسیخ نکاح و واپسی جہیز۔ بذریعہ اشتہار اخبار طلب کیا جاتا ہے کہ مدعا علیہ مذکور بتاریخ مقررہ بوقت دس بجے دن اصالتاً یا وکالتاً حاضر عدالت ہو کر جواب دعویٰ داخل کرے بصورت دیگر کارروائی یکطرفہ عمل میں لائی جائے گی۔ آج بتاریخ میری دستخط اور مہر عدالت سے جاری ہوا۔
30940066
بعدالت جناب سول جج صاحب درجہ اول گوجرانوالہ۔ مقدمہ عنوانی بنام مدعا علیہ۔ دعویٰ تنسیخ نکاح و واپسی جہیز۔ بذریعہ اشتہار اخبار طلب کیا جاتا ہے کہ مدعا علیہ مذکور بتاریخ مقررہ بوقت دس بجے دن اصالتاً یا وکالتاً حاضر عدالت ہو کر جواب دعویٰ داخل کرے بصورت دیگر کارروائی یکطرفہ عمل میں لائی جائے گی۔ آج بتاریخ میری دستخط اور مہر عدالت سے جاری ہوا۔
شرائط برائے اشتہارات
اشتہارات کی اشاعت کے لیے مکمل کوائف، شناختی کارڈ کی کاپی اور ادائیگی کی رسید ہمراہ ارسال کریں۔ ادارہ کسی بھی اشتہار کو بغیر وجہ بتائے شائع نہ کرنے کا حق محفوظ رکھتا ہے۔
کلاسیفائیڈ ایکسپریس گوجرانوالہ
3733712-3 فون:
3733715 فیکس:
خوشخبری
اشتہارات کی اشاعت کے لیے مکمل کوائف، شناختی کارڈ کی کاپی اور ادائیگی کی رسید ہمراہ ارسال کریں۔ ادارہ کسی بھی اشتہار کو بغیر وجہ بتائے شائع نہ کرنے کا حق محفوظ رکھتا ہے۔
0301-7909107
30940101
تمام مسائل کا حل بذریعہ قرآنی آیات
اشتہارات کی اشاعت کے لیے مکمل کوائف، شناختی کارڈ کی کاپی اور ادائیگی کی رسید ہمراہ ارسال کریں۔ ادارہ کسی بھی اشتہار کو بغیر وجہ بتائے شائع نہ کرنے کا حق محفوظ رکھتا ہے۔
0323-1434565
30940100
تمام مسائل کا حل بذریعہ قرآنی آیات
اشتہارات کی اشاعت کے لیے مکمل کوائف، شناختی کارڈ کی کاپی اور ادائیگی کی رسید ہمراہ ارسال کریں۔ ادارہ کسی بھی اشتہار کو بغیر وجہ بتائے شائع نہ کرنے کا حق محفوظ رکھتا ہے۔
0300-9575499
30940102
3 دن میں بال لمبے اور گھنے
اشتہارات کی اشاعت کے لیے مکمل کوائف، شناختی کارڈ کی کاپی اور ادائیگی کی رسید ہمراہ ارسال کریں۔ ادارہ کسی بھی اشتہار کو بغیر وجہ بتائے شائع نہ کرنے کا حق محفوظ رکھتا ہے۔
0303-2138815
20990163
چھوٹے قد سے پریشان لوگ
اشتہارات کی اشاعت کے لیے مکمل کوائف، شناختی کارڈ کی کاپی اور ادائیگی کی رسید ہمراہ ارسال کریں۔ ادارہ کسی بھی اشتہار کو بغیر وجہ بتائے شائع نہ کرنے کا حق محفوظ رکھتا ہے۔
0302-3767692
20990166
خوشخبری، دل دماغ
اشتہارات کی اشاعت کے لیے مکمل کوائف، شناختی کارڈ کی کاپی اور ادائیگی کی رسید ہمراہ ارسال کریں۔ ادارہ کسی بھی اشتہار کو بغیر وجہ بتائے شائع نہ کرنے کا حق محفوظ رکھتا ہے۔
0321-6836653
20990169
3 دن میں رنگ گورا
اشتہارات کی اشاعت کے لیے مکمل کوائف، شناختی کارڈ کی کاپی اور ادائیگی کی رسید ہمراہ ارسال کریں۔ ادارہ کسی بھی اشتہار کو بغیر وجہ بتائے شائع نہ کرنے کا حق محفوظ رکھتا ہے۔
0300-4272161
20990172
کمزور جسم
اشتہارات کی اشاعت کے لیے مکمل کوائف، شناختی کارڈ کی کاپی اور ادائیگی کی رسید ہمراہ ارسال کریں۔ ادارہ کسی بھی اشتہار کو بغیر وجہ بتائے شائع نہ کرنے کا حق محفوظ رکھتا ہے۔
0304-4272161
20990175
3 دن میں جوڑوں کا درد ختم
اشتہارات کی اشاعت کے لیے مکمل کوائف، شناختی کارڈ کی کاپی اور ادائیگی کی رسید ہمراہ ارسال کریں۔ ادارہ کسی بھی اشتہار کو بغیر وجہ بتائے شائع نہ کرنے کا حق محفوظ رکھتا ہے۔
0300-4272161
20990178
7 دن میں موٹاپا ختم
اشتہارات کی اشاعت کے لیے مکمل کوائف، شناختی کارڈ کی کاپی اور ادائیگی کی رسید ہمراہ ارسال کریں۔ ادارہ کسی بھی اشتہار کو بغیر وجہ بتائے شائع نہ کرنے کا حق محفوظ رکھتا ہے۔
0300-2038219
20990181
ضرورت ہے
اشتہارات کی اشاعت کے لیے مکمل کوائف، شناختی کارڈ کی کاپی اور ادائیگی کی رسید ہمراہ ارسال کریں۔ ادارہ کسی بھی اشتہار کو بغیر وجہ بتائے شائع نہ کرنے کا حق محفوظ رکھتا ہے۔
0321-9850728
20990193
سکیورٹی گارڈ
اشتہارات کی اشاعت کے لیے مکمل کوائف، شناختی کارڈ کی کاپی اور ادائیگی کی رسید ہمراہ ارسال کریں۔ ادارہ کسی بھی اشتہار کو بغیر وجہ بتائے شائع نہ کرنے کا حق محفوظ رکھتا ہے۔
0335-4847001
20990195
زرعی زمین کی دیکھ بھال
اشتہارات کی اشاعت کے لیے مکمل کوائف، شناختی کارڈ کی کاپی اور ادائیگی کی رسید ہمراہ ارسال کریں۔ ادارہ کسی بھی اشتہار کو بغیر وجہ بتائے شائع نہ کرنے کا حق محفوظ رکھتا ہے۔
0328-1552329
30940120
ضرورت ڈرائیور
اشتہارات کی اشاعت کے لیے مکمل کوائف، شناختی کارڈ کی کاپی اور ادائیگی کی رسید ہمراہ ارسال کریں۔ ادارہ کسی بھی اشتہار کو بغیر وجہ بتائے شائع نہ کرنے کا حق محفوظ رکھتا ہے۔
0345-1844403
30940124
ضرورت ڈاکٹر
اشتہارات کی اشاعت کے لیے مکمل کوائف، شناختی کارڈ کی کاپی اور ادائیگی کی رسید ہمراہ ارسال کریں۔ ادارہ کسی بھی اشتہار کو بغیر وجہ بتائے شائع نہ کرنے کا حق محفوظ رکھتا ہے۔
0320-6841306
30940125
ضرورت رشتہ
اشتہارات کی اشاعت کے لیے مکمل کوائف، شناختی کارڈ کی کاپی اور ادائیگی کی رسید ہمراہ ارسال کریں۔ ادارہ کسی بھی اشتہار کو بغیر وجہ بتائے شائع نہ کرنے کا حق محفوظ رکھتا ہے۔
0345-0058508
30940096
ضرورت رشتہ
اشتہارات کی اشاعت کے لیے مکمل کوائف، شناختی کارڈ کی کاپی اور ادائیگی کی رسید ہمراہ ارسال کریں۔ ادارہ کسی بھی اشتہار کو بغیر وجہ بتائے شائع نہ کرنے کا حق محفوظ رکھتا ہے۔
0300-9676797
50102557773
